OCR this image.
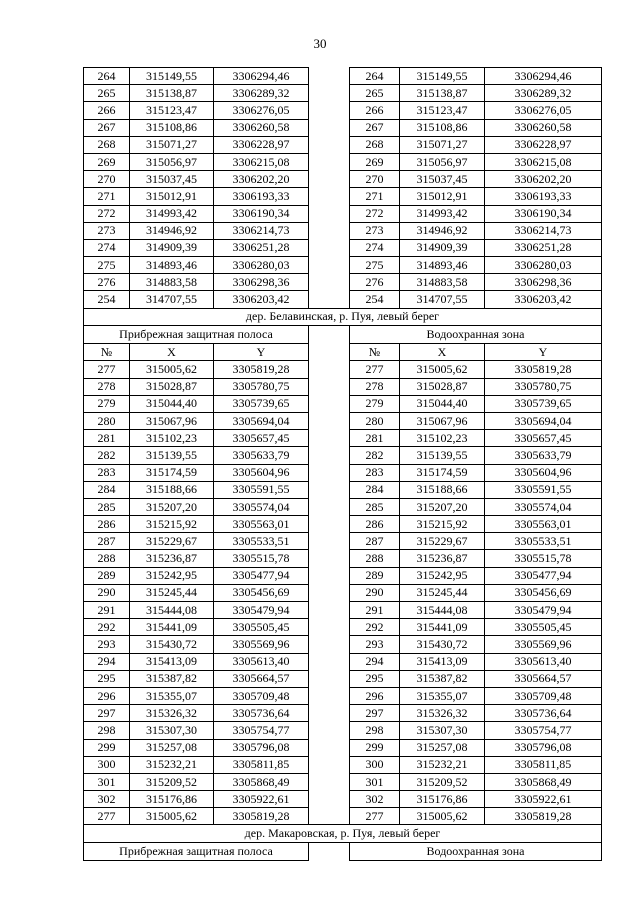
30
264	315149,55	3306294,46		264	315149,55	3306294,46
265	315138,87	3306289,32		265	315138,87	3306289,32
266	315123,47	3306276,05		266	315123,47	3306276,05
267	315108,86	3306260,58		267	315108,86	3306260,58
268	315071,27	3306228,97		268	315071,27	3306228,97
269	315056,97	3306215,08		269	315056,97	3306215,08
270	315037,45	3306202,20		270	315037,45	3306202,20
271	315012,91	3306193,33		271	315012,91	3306193,33
272	314993,42	3306190,34		272	314993,42	3306190,34
273	314946,92	3306214,73		273	314946,92	3306214,73
274	314909,39	3306251,28		274	314909,39	3306251,28
275	314893,46	3306280,03		275	314893,46	3306280,03
276	314883,58	3306298,36		276	314883,58	3306298,36
254	314707,55	3306203,42		254	314707,55	3306203,42
дер. Белавинская, р. Пуя, левый берег						
Прибрежная защитная полоса				Водоохранная зона		
№	X	Y		№	X	Y
277	315005,62	3305819,28		277	315005,62	3305819,28
278	315028,87	3305780,75		278	315028,87	3305780,75
279	315044,40	3305739,65		279	315044,40	3305739,65
280	315067,96	3305694,04		280	315067,96	3305694,04
281	315102,23	3305657,45		281	315102,23	3305657,45
282	315139,55	3305633,79		282	315139,55	3305633,79
283	315174,59	3305604,96		283	315174,59	3305604,96
284	315188,66	3305591,55		284	315188,66	3305591,55
285	315207,20	3305574,04		285	315207,20	3305574,04
286	315215,92	3305563,01		286	315215,92	3305563,01
287	315229,67	3305533,51		287	315229,67	3305533,51
288	315236,87	3305515,78		288	315236,87	3305515,78
289	315242,95	3305477,94		289	315242,95	3305477,94
290	315245,44	3305456,69		290	315245,44	3305456,69
291	315444,08	3305479,94		291	315444,08	3305479,94
292	315441,09	3305505,45		292	315441,09	3305505,45
293	315430,72	3305569,96		293	315430,72	3305569,96
294	315413,09	3305613,40		294	315413,09	3305613,40
295	315387,82	3305664,57		295	315387,82	3305664,57
296	315355,07	3305709,48		296	315355,07	3305709,48
297	315326,32	3305736,64		297	315326,32	3305736,64
298	315307,30	3305754,77		298	315307,30	3305754,77
299	315257,08	3305796,08		299	315257,08	3305796,08
300	315232,21	3305811,85		300	315232,21	3305811,85
301	315209,52	3305868,49		301	315209,52	3305868,49
302	315176,86	3305922,61		302	315176,86	3305922,61
277	315005,62	3305819,28		277	315005,62	3305819,28
дер. Макаровская, р. Пуя, левый берег						
Прибрежная защитная полоса				Водоохранная зона		
